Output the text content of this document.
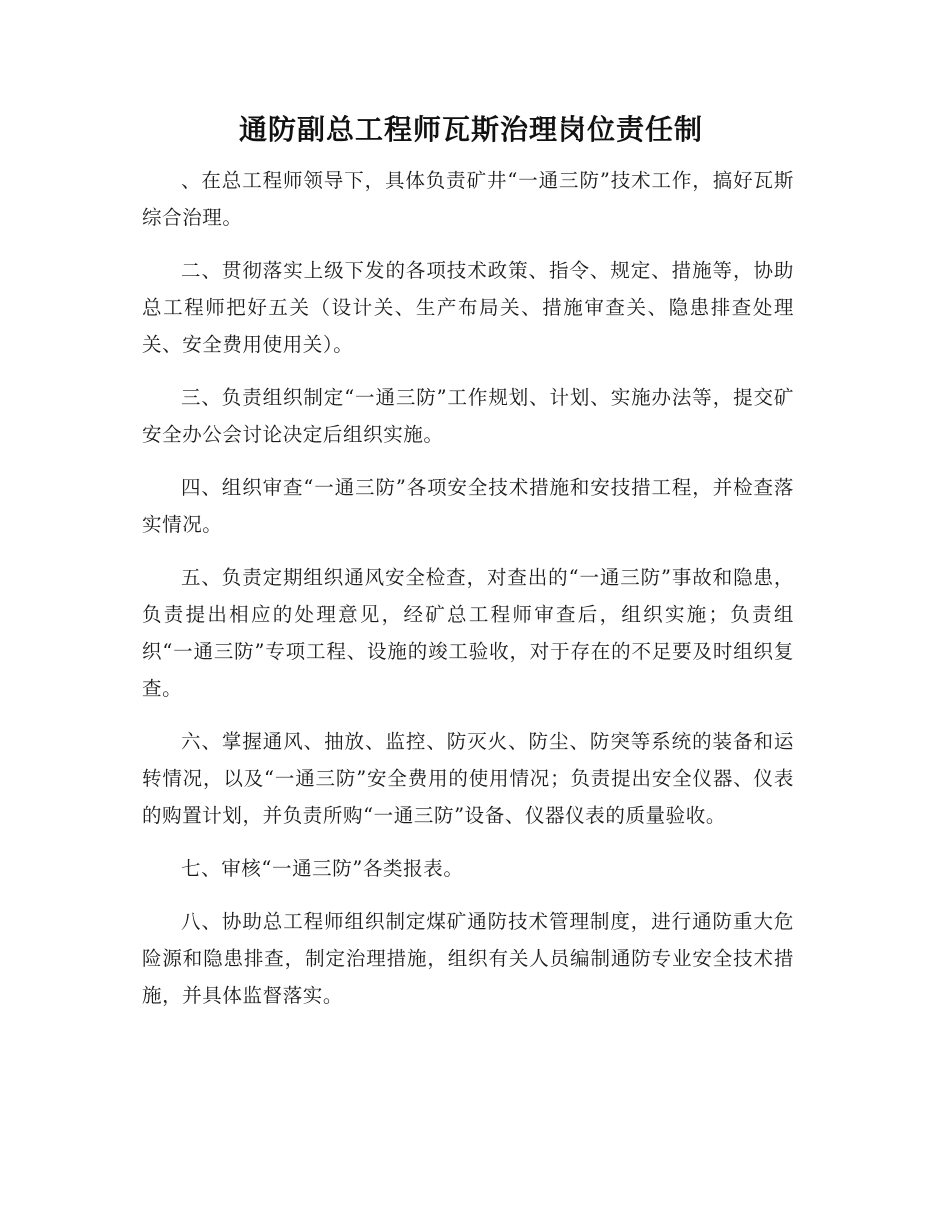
通防副总工程师瓦斯治理岗位责任制

、在总工程师领导下，具体负责矿井“一通三防”技术工作，搞好瓦斯综合治理。

二、贯彻落实上级下发的各项技术政策、指令、规定、措施等，协助总工程师把好五关（设计关、生产布局关、措施审查关、隐患排查处理关、安全费用使用关）。

三、负责组织制定“一通三防”工作规划、计划、实施办法等，提交矿安全办公会讨论决定后组织实施。

四、组织审查“一通三防”各项安全技术措施和安技措工程，并检查落实情况。

五、负责定期组织通风安全检查，对查出的“一通三防”事故和隐患，负责提出相应的处理意见，经矿总工程师审查后，组织实施；负责组织“一通三防”专项工程、设施的竣工验收，对于存在的不足要及时组织复查。

六、掌握通风、抽放、监控、防灭火、防尘、防突等系统的装备和运转情况，以及“一通三防”安全费用的使用情况；负责提出安全仪器、仪表的购置计划，并负责所购“一通三防”设备、仪器仪表的质量验收。

七、审核“一通三防”各类报表。

八、协助总工程师组织制定煤矿通防技术管理制度，进行通防重大危险源和隐患排查，制定治理措施，组织有关人员编制通防专业安全技术措施，并具体监督落实。
